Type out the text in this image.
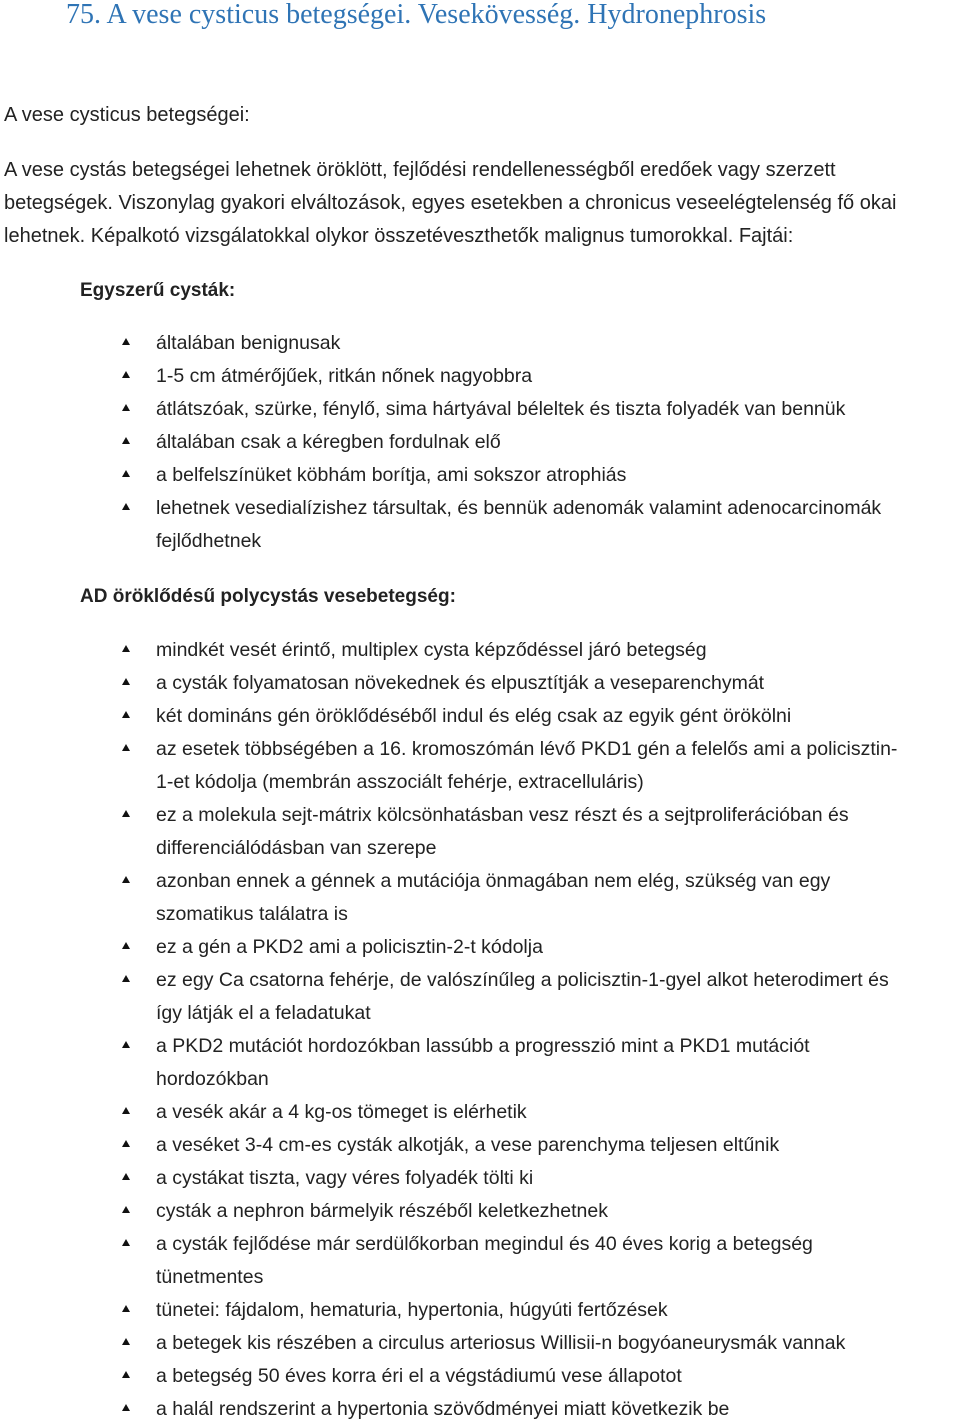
75. A vese cysticus betegségei. Vesekövesség. Hydronephrosis
A vese cysticus betegségei:

A vese cystás betegségei lehetnek öröklött, fejlődési rendellenességből eredőek vagy szerzett
betegségek. Viszonylag gyakori elváltozások, egyes esetekben a chronicus veseelégtelenség fő okai
lehetnek. Képalkotó vizsgálatokkal olykor összetéveszthetők malignus tumorokkal. Fajtái:

Egyszerű cysták:
általában benignusak
1-5 cm átmérőjűek, ritkán nőnek nagyobbra
átlátszóak, szürke, fénylő, sima hártyával béleltek és tiszta folyadék van bennük
általában csak a kéregben fordulnak elő
a belfelszínüket köbhám borítja, ami sokszor atrophiás
lehetnek vesedialízishez társultak, és bennük adenomák valamint adenocarcinomák
fejlődhetnek
AD öröklődésű polycystás vesebetegség:
mindkét vesét érintő, multiplex cysta képződéssel járó betegség
a cysták folyamatosan növekednek és elpusztítják a veseparenchymát
két domináns gén öröklődéséből indul és elég csak az egyik gént örökölni
az esetek többségében a 16. kromoszómán lévő PKD1 gén a felelős ami a policisztin-
1-et kódolja (membrán asszociált fehérje, extracelluláris)
ez a molekula sejt-mátrix kölcsönhatásban vesz részt és a sejtproliferációban és
differenciálódásban van szerepe
azonban ennek a génnek a mutációja önmagában nem elég, szükség van egy
szomatikus találatra is
ez a gén a PKD2 ami a policisztin-2-t kódolja
ez egy Ca csatorna fehérje, de valószínűleg a policisztin-1-gyel alkot heterodimert és
így látják el a feladatukat
a PKD2 mutációt hordozókban lassúbb a progresszió mint a PKD1 mutációt
hordozókban
a vesék akár a 4 kg-os tömeget is elérhetik
a veséket 3-4 cm-es cysták alkotják, a vese parenchyma teljesen eltűnik
a cystákat tiszta, vagy véres folyadék tölti ki
cysták a nephron bármelyik részéből keletkezhetnek
a cysták fejlődése már serdülőkorban megindul és 40 éves korig a betegség
tünetmentes
tünetei: fájdalom, hematuria, hypertonia, húgyúti fertőzések
a betegek kis részében a circulus arteriosus Willisii-n bogyóaneurysmák vannak
a betegség 50 éves korra éri el a végstádiumú vese állapotot
a halál rendszerint a hypertonia szövődményei miatt következik be
